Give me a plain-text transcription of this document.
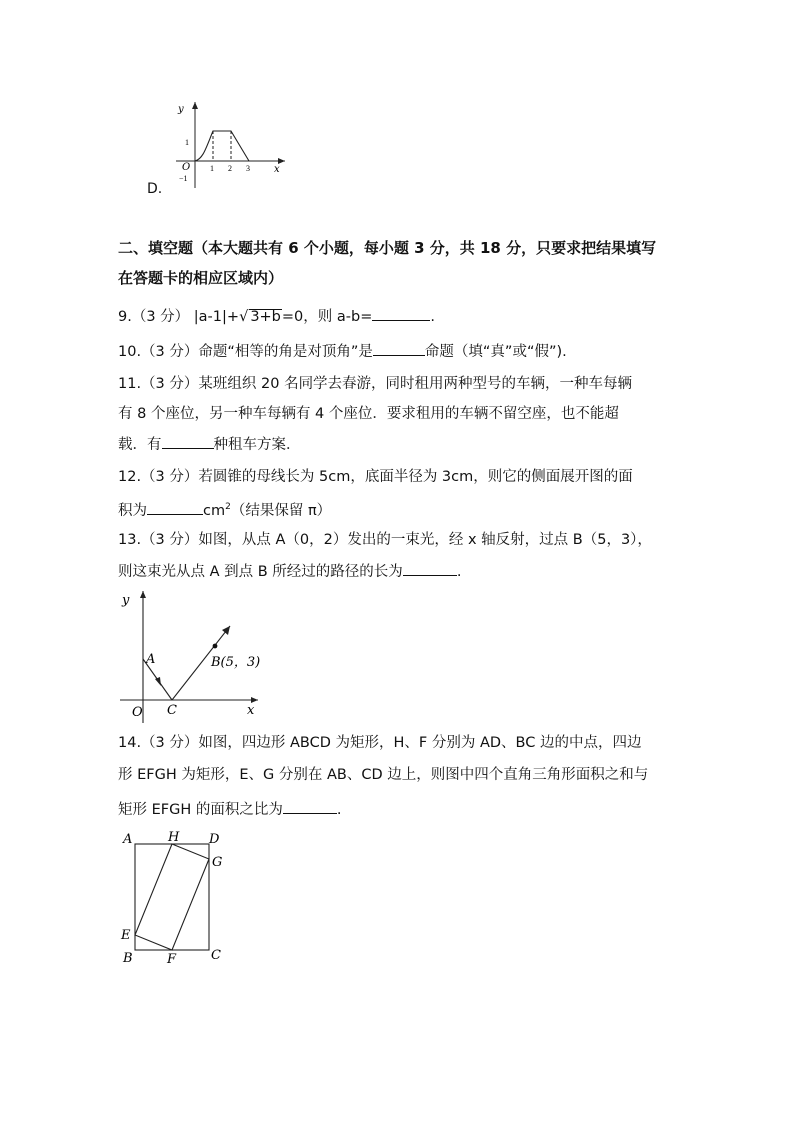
y
x
O
1
−1
1 2 3
D.
二、填空题（本大题共有 6 个小题，每小题 3 分，共 18 分，只要求把结果填写
在答题卡的相应区域内）
9.（3 分） |a-1|+√ 3+b=0，则 a-b=	.
10.（3 分）命题“相等的角是对顶角”是	命题（填“真”或“假”).
11.（3 分）某班组织 20 名同学去春游，同时租用两种型号的车辆，一种车每辆
有 8 个座位，另一种车每辆有 4 个座位．要求租用的车辆不留空座，也不能超
载．有	种租车方案．
12.（3 分）若圆锥的母线长为 5cm，底面半径为 3cm，则它的侧面展开图的面
积为	$cm^2$（结果保留 π）
13.（3 分）如图，从点 A（0，2）发出的一束光，经 x 轴反射，过点 B（5，3），
则这束光从点 A 到点 B 所经过的路径的长为	.
y
x
O
A
C
B(5，3)
14.（3 分）如图，四边形 ABCD 为矩形，H、F 分别为 AD、BC 边的中点，四边
形 EFGH 为矩形，E、G 分别在 AB、CD 边上，则图中四个直角三角形面积之和与
矩形 EFGH 的面积之比为	.
A	H D
G
E
B	F	C
